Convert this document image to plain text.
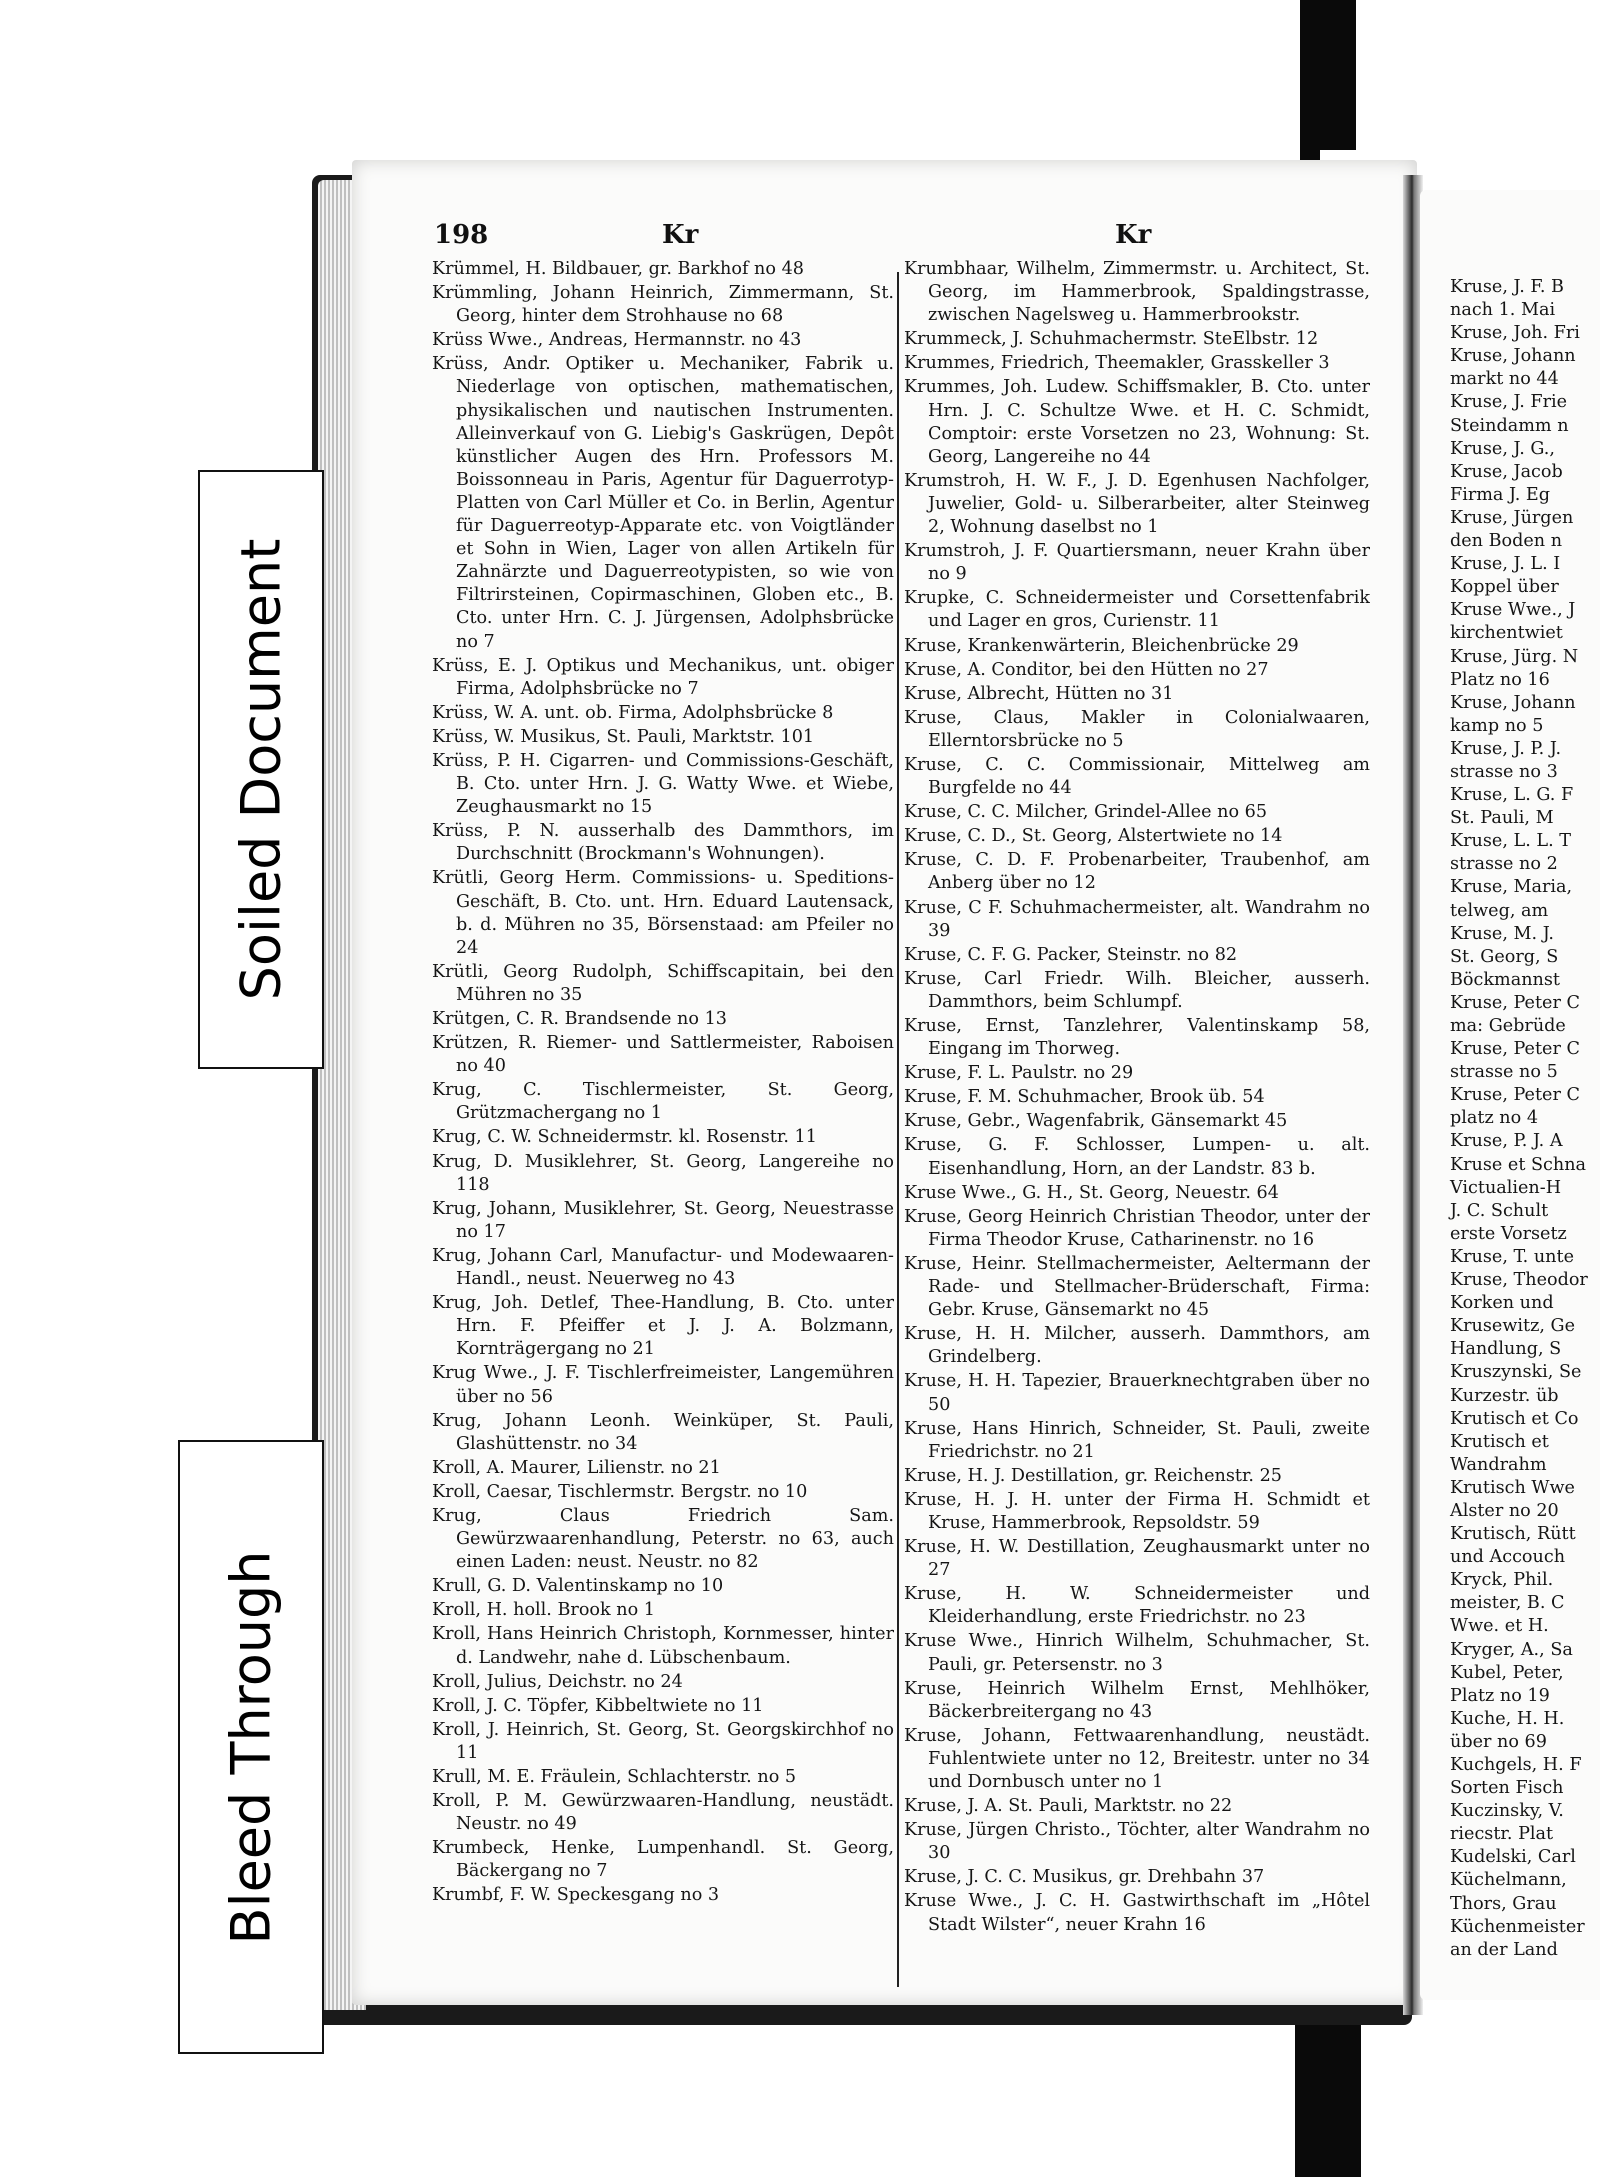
Kruse, J. F. B

nach 1. Mai

Kruse, Joh. Fri

Kruse, Johann

markt no 44

Kruse, J. Frie

Steindamm n

Kruse, J. G.,

Kruse, Jacob

Firma J. Eg

Kruse, Jürgen

den Boden n

Kruse, J. L. I

Koppel über

Kruse Wwe., J

kirchentwiet

Kruse, Jürg. N

Platz no 16

Kruse, Johann

kamp no 5

Kruse, J. P. J.

strasse no 3

Kruse, L. G. F

St. Pauli, M

Kruse, L. L. T

strasse no 2

Kruse, Maria,

telweg, am

Kruse, M. J.

St. Georg, S

Böckmannst

Kruse, Peter C

ma: Gebrüde

Kruse, Peter C

strasse no 5

Kruse, Peter C

platz no 4

Kruse, P. J. A

Kruse et Schna

Victualien-H

J. C. Schult

erste Vorsetz

Kruse, T. unte

Kruse, Theodor

Korken und

Krusewitz, Ge

Handlung, S

Kruszynski, Se

Kurzestr. üb

Krutisch et Co

Krutisch et

Wandrahm

Krutisch Wwe

Alster no 20

Krutisch, Rütt

und Accouch

Kryck, Phil.

meister, B. C

Wwe. et H.

Kryger, A., Sa

Kubel, Peter,

Platz no 19

Kuche, H. H.

über no 69

Kuchgels, H. F

Sorten Fisch

Kuczinsky, V.

riecstr. Plat

Kudelski, Carl

Küchelmann,

Thors, Grau

Küchenmeister

an der Land

198	Kr	Kr

Krümmel, H. Bildbauer, gr. Barkhof no 48

Krümmling, Johann Heinrich, Zimmermann, St. Georg, hinter dem Strohhause no 68

Krüss Wwe., Andreas, Hermannstr. no 43

Krüss, Andr. Optiker u. Mechaniker, Fabrik u. Niederlage von optischen, mathematischen, physikalischen und nautischen Instrumenten. Alleinverkauf von G. Liebig's Gaskrügen, Depôt künstlicher Augen des Hrn. Professors M. Boissonneau in Paris, Agentur für Daguerrotyp-Platten von Carl Müller et Co. in Berlin, Agentur für Daguerreotyp-Apparate etc. von Voigtländer et Sohn in Wien, Lager von allen Artikeln für Zahnärzte und Daguerreotypisten, so wie von Filtrirsteinen, Copirmaschinen, Globen etc., B. Cto. unter Hrn. C. J. Jürgensen, Adolphsbrücke no 7

Krüss, E. J. Optikus und Mechanikus, unt. obiger Firma, Adolphsbrücke no 7

Krüss, W. A. unt. ob. Firma, Adolphsbrücke 8

Krüss, W. Musikus, St. Pauli, Marktstr. 101

Krüss, P. H. Cigarren- und Commissions-Geschäft, B. Cto. unter Hrn. J. G. Watty Wwe. et Wiebe, Zeughausmarkt no 15

Krüss, P. N. ausserhalb des Dammthors, im Durchschnitt (Brockmann's Wohnungen).

Krütli, Georg Herm. Commissions- u. Speditions-Geschäft, B. Cto. unt. Hrn. Eduard Lautensack, b. d. Mühren no 35, Börsenstaad: am Pfeiler no 24

Krütli, Georg Rudolph, Schiffscapitain, bei den Mühren no 35

Krütgen, C. R. Brandsende no 13

Krützen, R. Riemer- und Sattlermeister, Raboisen no 40

Krug, C. Tischlermeister, St. Georg, Grützmachergang no 1

Krug, C. W. Schneidermstr. kl. Rosenstr. 11

Krug, D. Musiklehrer, St. Georg, Langereihe no 118

Krug, Johann, Musiklehrer, St. Georg, Neuestrasse no 17

Krug, Johann Carl, Manufactur- und Modewaaren-Handl., neust. Neuerweg no 43

Krug, Joh. Detlef, Thee-Handlung, B. Cto. unter Hrn. F. Pfeiffer et J. J. A. Bolzmann, Kornträgergang no 21

Krug Wwe., J. F. Tischlerfreimeister, Langemühren über no 56

Krug, Johann Leonh. Weinküper, St. Pauli, Glashüttenstr. no 34

Kroll, A. Maurer, Lilienstr. no 21

Kroll, Caesar, Tischlermstr. Bergstr. no 10

Krug, Claus Friedrich Sam. Gewürzwaarenhandlung, Peterstr. no 63, auch einen Laden: neust. Neustr. no 82

Krull, G. D. Valentinskamp no 10

Kroll, H. holl. Brook no 1

Kroll, Hans Heinrich Christoph, Kornmesser, hinter d. Landwehr, nahe d. Lübschenbaum.

Kroll, Julius, Deichstr. no 24

Kroll, J. C. Töpfer, Kibbeltwiete no 11

Kroll, J. Heinrich, St. Georg, St. Georgskirchhof no 11

Krull, M. E. Fräulein, Schlachterstr. no 5

Kroll, P. M. Gewürzwaaren-Handlung, neustädt. Neustr. no 49

Krumbeck, Henke, Lumpenhandl. St. Georg, Bäckergang no 7

Krumbf, F. W. Speckesgang no 3

Krumbhaar, Wilhelm, Zimmermstr. u. Architect, St. Georg, im Hammerbrook, Spaldingstrasse, zwischen Nagelsweg u. Hammerbrookstr.

Krummeck, J. Schuhmachermstr. SteElbstr. 12

Krummes, Friedrich, Theemakler, Grasskeller 3

Krummes, Joh. Ludew. Schiffsmakler, B. Cto. unter Hrn. J. C. Schultze Wwe. et H. C. Schmidt, Comptoir: erste Vorsetzen no 23, Wohnung: St. Georg, Langereihe no 44

Krumstroh, H. W. F., J. D. Egenhusen Nachfolger, Juwelier, Gold- u. Silberarbeiter, alter Steinweg 2, Wohnung daselbst no 1

Krumstroh, J. F. Quartiersmann, neuer Krahn über no 9

Krupke, C. Schneidermeister und Corsettenfabrik und Lager en gros, Curienstr. 11

Kruse, Krankenwärterin, Bleichenbrücke 29

Kruse, A. Conditor, bei den Hütten no 27

Kruse, Albrecht, Hütten no 31

Kruse, Claus, Makler in Colonialwaaren, Ellerntorsbrücke no 5

Kruse, C. C. Commissionair, Mittelweg am Burgfelde no 44

Kruse, C. C. Milcher, Grindel-Allee no 65

Kruse, C. D., St. Georg, Alstertwiete no 14

Kruse, C. D. F. Probenarbeiter, Traubenhof, am Anberg über no 12

Kruse, C F. Schuhmachermeister, alt. Wandrahm no 39

Kruse, C. F. G. Packer, Steinstr. no 82

Kruse, Carl Friedr. Wilh. Bleicher, ausserh. Dammthors, beim Schlumpf.

Kruse, Ernst, Tanzlehrer, Valentinskamp 58, Eingang im Thorweg.

Kruse, F. L. Paulstr. no 29

Kruse, F. M. Schuhmacher, Brook üb. 54

Kruse, Gebr., Wagenfabrik, Gänsemarkt 45

Kruse, G. F. Schlosser, Lumpen- u. alt. Eisenhandlung, Horn, an der Landstr. 83 b.

Kruse Wwe., G. H., St. Georg, Neuestr. 64

Kruse, Georg Heinrich Christian Theodor, unter der Firma Theodor Kruse, Catharinenstr. no 16

Kruse, Heinr. Stellmachermeister, Aeltermann der Rade- und Stellmacher-Brüderschaft, Firma: Gebr. Kruse, Gänsemarkt no 45

Kruse, H. H. Milcher, ausserh. Dammthors, am Grindelberg.

Kruse, H. H. Tapezier, Brauerknechtgraben über no 50

Kruse, Hans Hinrich, Schneider, St. Pauli, zweite Friedrichstr. no 21

Kruse, H. J. Destillation, gr. Reichenstr. 25

Kruse, H. J. H. unter der Firma H. Schmidt et Kruse, Hammerbrook, Repsoldstr. 59

Kruse, H. W. Destillation, Zeughausmarkt unter no 27

Kruse, H. W. Schneidermeister und Kleiderhandlung, erste Friedrichstr. no 23

Kruse Wwe., Hinrich Wilhelm, Schuhmacher, St. Pauli, gr. Petersenstr. no 3

Kruse, Heinrich Wilhelm Ernst, Mehlhöker, Bäckerbreitergang no 43

Kruse, Johann, Fettwaarenhandlung, neustädt. Fuhlentwiete unter no 12, Breitestr. unter no 34 und Dornbusch unter no 1

Kruse, J. A. St. Pauli, Marktstr. no 22

Kruse, Jürgen Christo., Töchter, alter Wandrahm no 30

Kruse, J. C. C. Musikus, gr. Drehbahn 37

Kruse Wwe., J. C. H. Gastwirthschaft im „Hôtel Stadt Wilster“, neuer Krahn 16

Soiled Document
Bleed Through
